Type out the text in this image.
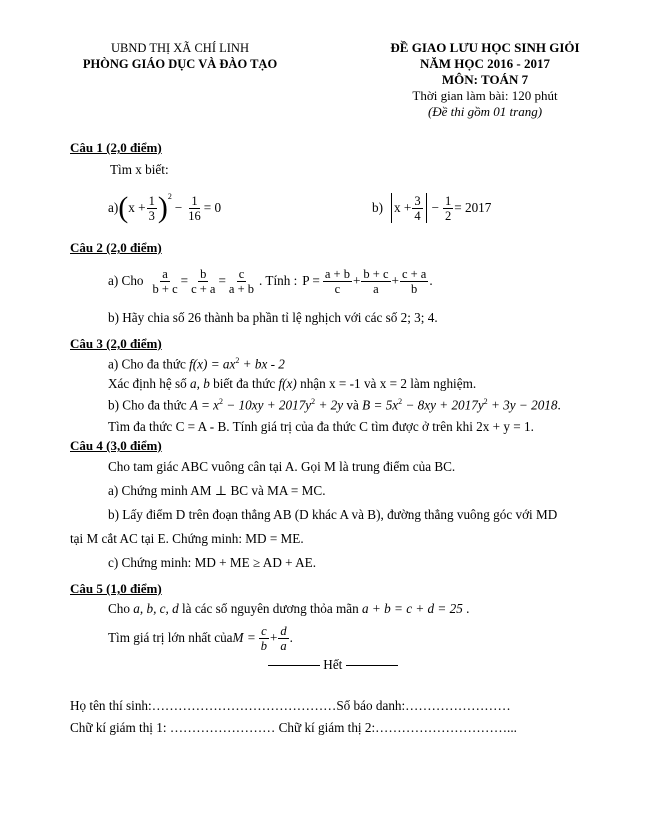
UBND THỊ XÃ CHÍ LINH
PHÒNG GIÁO DỤC VÀ ĐÀO TẠO
ĐỀ GIAO LƯU HỌC SINH GIỎI
NĂM HỌC 2016 - 2017
MÔN: TOÁN 7
Thời gian làm bài: 120 phút
(Đề thi gồm 01 trang)
Câu 1 (2,0 điểm)
Tìm x biết:
a) ( $x + \frac{1}{3} )^2$
− $\frac{1}{16} = 0$	b) $x + \frac{3}{4} - \frac{1}{2} = 2017$
Câu 2 (2,0 điểm)
a) Cho $\frac{a}{b + c} = \frac{b}{c + a} = \frac{c}{a + b}$ . Tính : $P = \frac{a + b}{c} + \frac{b + c}{a} + \frac{c + a}{b}$ .
b) Hãy chia số 26 thành ba phần tỉ lệ nghịch với các số 2; 3; 4.
Câu 3 (2,0 điểm)
a) Cho đa thức $f(x) = ax^2$ + bx - 2
Xác định hệ số a, b biết đa thức f(x) nhận x = -1 và x = 2 làm nghiệm.
b) Cho đa thức $A = x^2 - 10xy + 2017y^2 + 2y$ và $B = 5x^2 - 8xy + 2017y^2 + 3y - 2018$.
Tìm đa thức C = A - B. Tính giá trị của đa thức C tìm được ở trên khi 2x + y = 1.
Câu 4 (3,0 điểm)
Cho tam giác ABC vuông cân tại A. Gọi M là trung điểm của BC.
a) Chứng minh AM ⊥ BC và MA = MC.
b) Lấy điểm D trên đoạn thẳng AB (D khác A và B), đường thẳng vuông góc với MD
tại M cắt AC tại E. Chứng minh: MD = ME.
c) Chứng minh: MD + ME ≥ AD + AE.
Câu 5 (1,0 điểm)
Cho a, b, c, d là các số nguyên dương thỏa mãn a + b = c + d = 25 .
Tìm giá trị lớn nhất của $M = \frac{c}{b} + \frac{d}{a}$ .
Hết
Họ tên thí sinh:……………………………………Số báo danh:……………………
Chữ kí giám thị 1: …………………… Chữ kí giám thị 2:…………………………...
